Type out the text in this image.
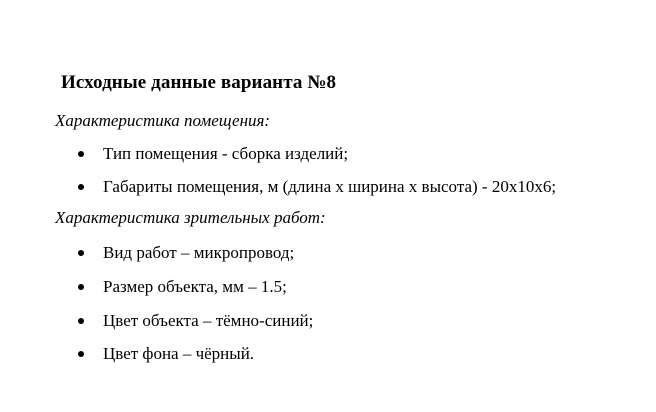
Исходные данные варианта №8
Характеристика помещения:
Тип помещения - сборка изделий;
Габариты помещения, м (длина х ширина х высота) - 20х10х6;
Характеристика зрительных работ:
Вид работ – микропровод;
Размер объекта, мм – 1.5;
Цвет объекта – тёмно-синий;
Цвет фона – чёрный.
